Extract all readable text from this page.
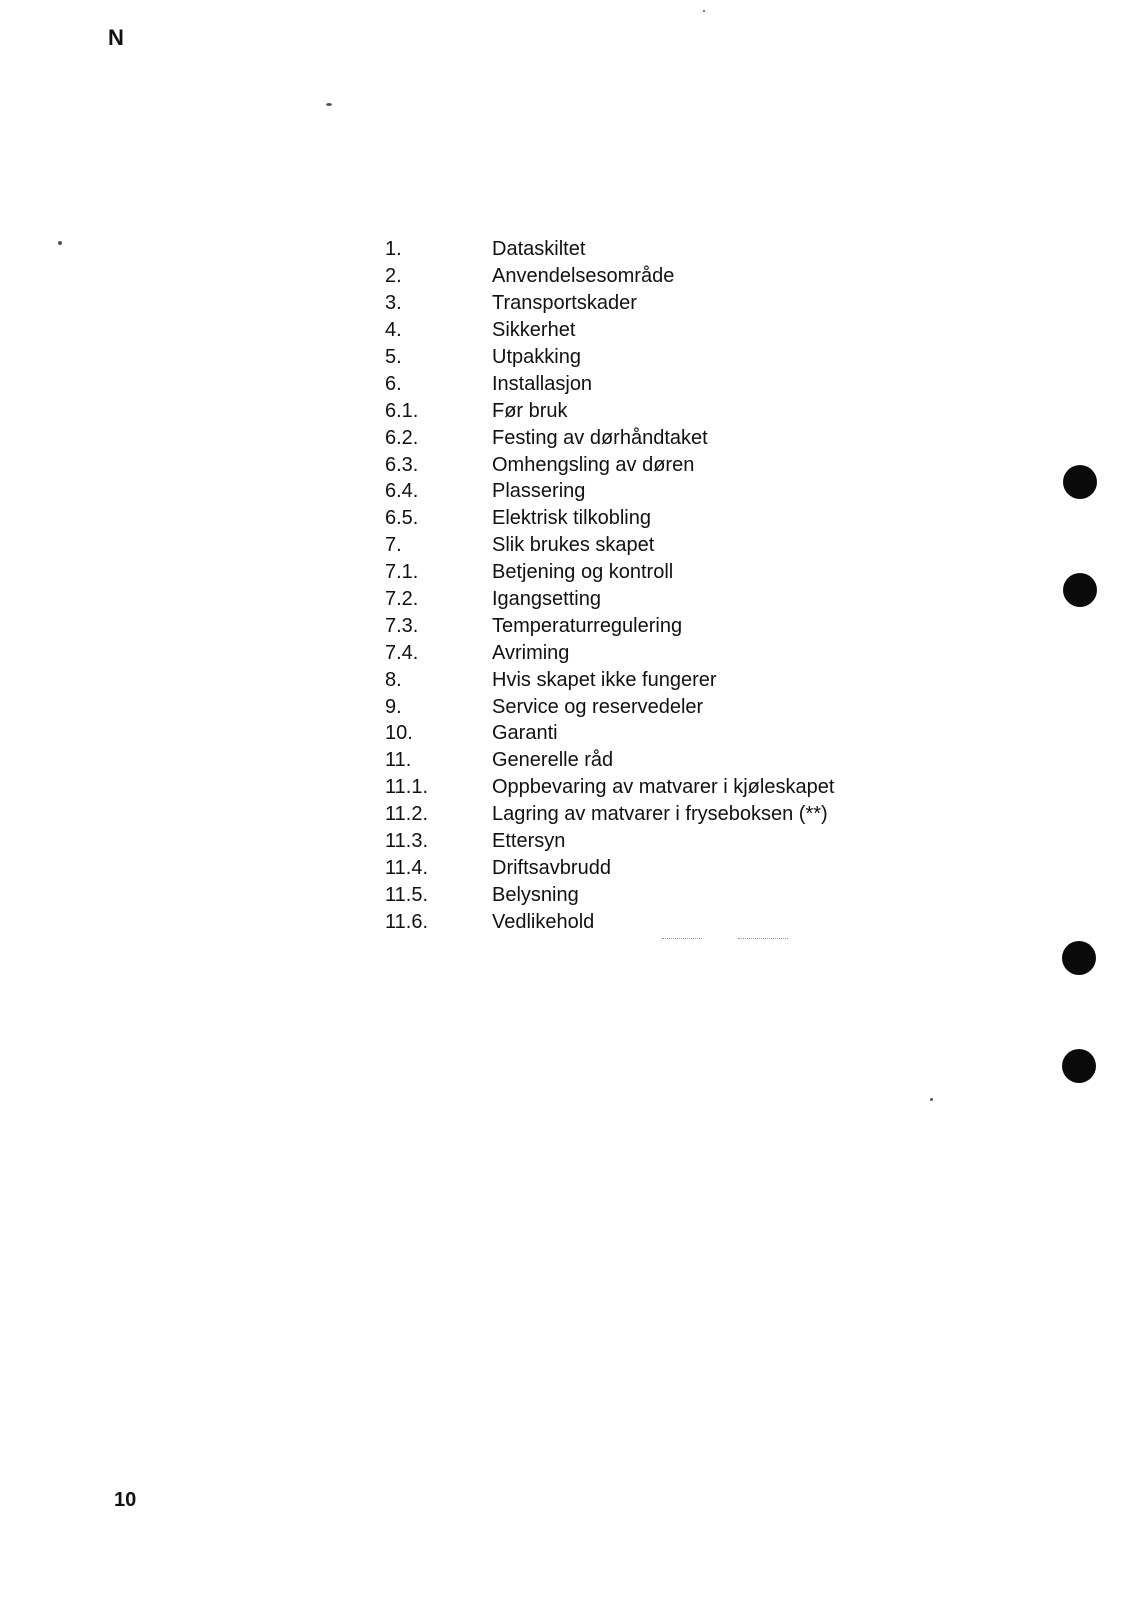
N
1.	Dataskiltet
2.	Anvendelsesområde
3.	Transportskader
4.	Sikkerhet
5.	Utpakking
6.	Installasjon
6.1.	Før bruk
6.2.	Festing av dørhåndtaket
6.3.	Omhengsling av døren
6.4.	Plassering
6.5.	Elektrisk tilkobling
7.	Slik brukes skapet
7.1.	Betjening og kontroll
7.2.	Igangsetting
7.3.	Temperaturregulering
7.4.	Avriming
8.	Hvis skapet ikke fungerer
9.	Service og reservedeler
10.	Garanti
11.	Generelle råd
11.1.	Oppbevaring av matvarer i kjøleskapet
11.2.	Lagring av matvarer i fryseboksen (**)
11.3.	Ettersyn
11.4.	Driftsavbrudd
11.5.	Belysning
11.6.	Vedlikehold
10
